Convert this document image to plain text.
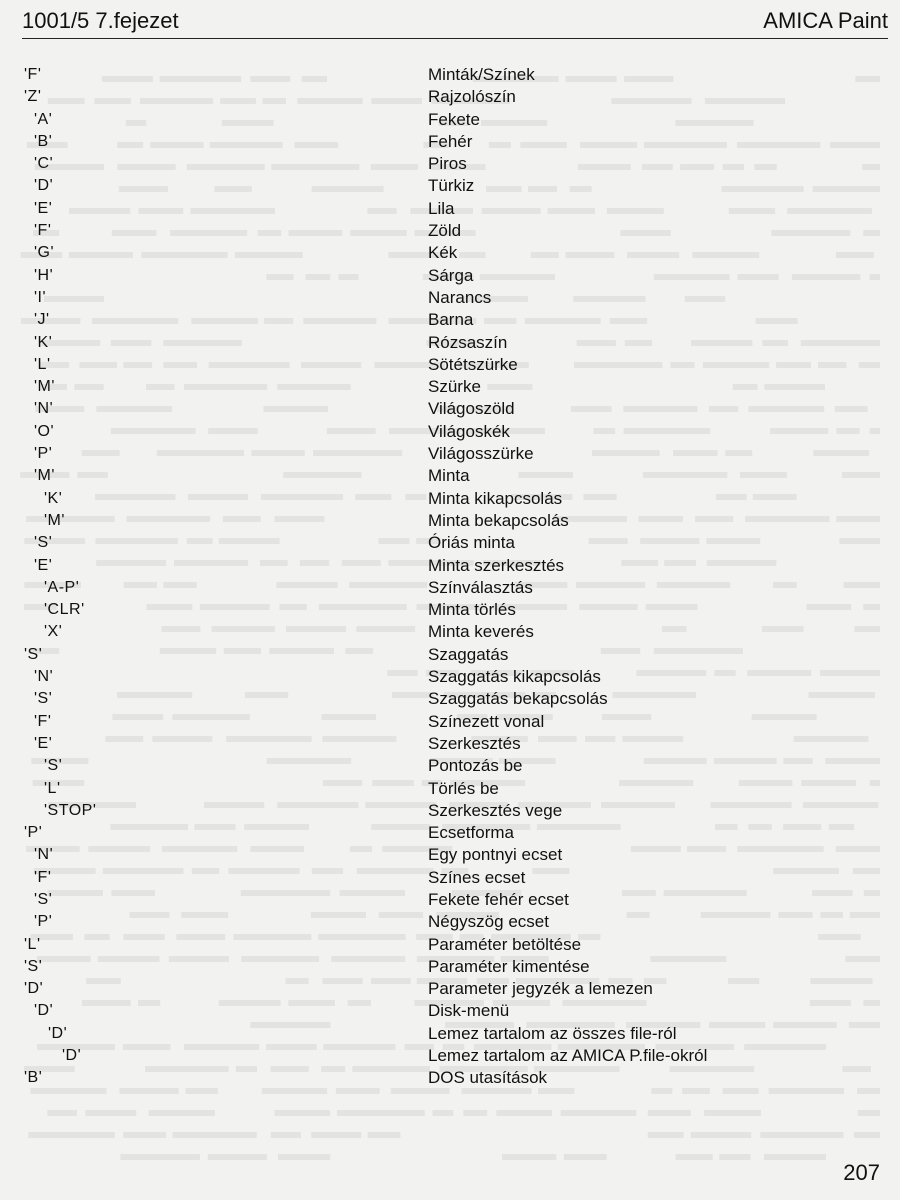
1001/5 7.fejezet	AMICA Paint
'F'	Minták/Színek
'Z'	Rajzolószín
'A'	Fekete
'B'	Fehér
'C'	Piros
'D'	Türkiz
'E'	Lila
'F'	Zöld
'G'	Kék
'H'	Sárga
'I'	Narancs
'J'	Barna
'K'	Rózsaszín
'L'	Sötétszürke
'M'	Szürke
'N'	Világoszöld
'O'	Világoskék
'P'	Világosszürke
'M'	Minta
'K'	Minta kikapcsolás
'M'	Minta bekapcsolás
'S'	Óriás minta
'E'	Minta szerkesztés
'A-P'	Színválasztás
'CLR'	Minta törlés
'X'	Minta keverés
'S'	Szaggatás
'N'	Szaggatás kikapcsolás
'S'	Szaggatás bekapcsolás
'F'	Színezett vonal
'E'	Szerkesztés
'S'	Pontozás be
'L'	Törlés be
'STOP'	Szerkesztés vege
'P'	Ecsetforma
'N'	Egy pontnyi ecset
'F'	Színes ecset
'S'	Fekete fehér ecset
'P'	Négyszög ecset
'L'	Paraméter betöltése
'S'	Paraméter kimentése
'D'	Parameter jegyzék a lemezen
'D'	Disk-menü
'D'	Lemez tartalom az összes file-ról
'D'	Lemez tartalom az AMICA P.file-okról
'B'	DOS utasítások
207
